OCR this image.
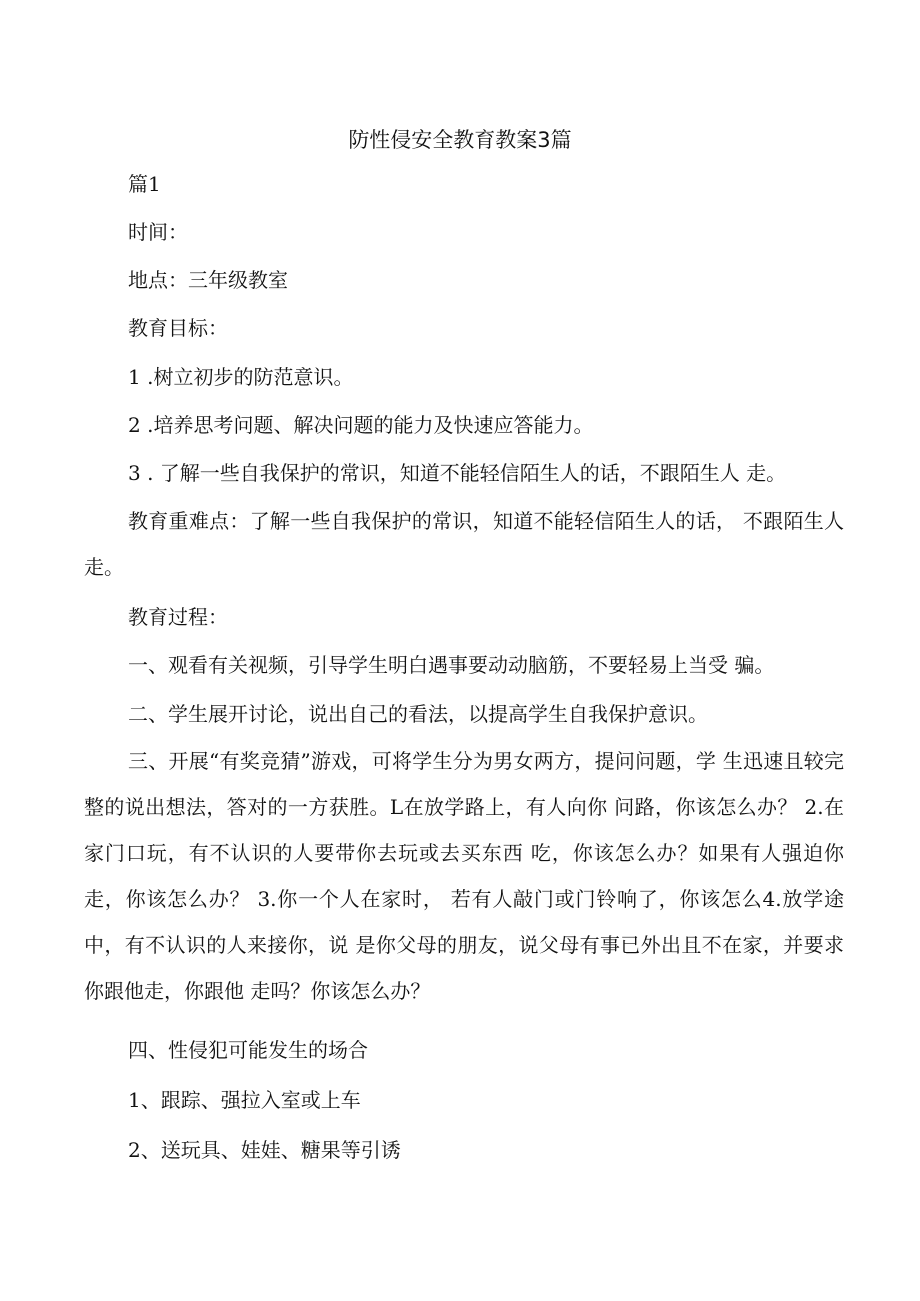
防性侵安全教育教案3篇
篇1
时间：
地点：三年级教室
教育目标：
1 .树立初步的防范意识。
2 .培养思考问题、解决问题的能力及快速应答能力。
3 . 了解一些自我保护的常识，知道不能轻信陌生人的话，不跟陌生人 走。
教育重难点：了解一些自我保护的常识，知道不能轻信陌生人的话， 不跟陌生人走。
教育过程：
一、观看有关视频，引导学生明白遇事要动动脑筋，不要轻易上当受 骗。
二、学生展开讨论，说出自己的看法，以提高学生自我保护意识。
三、开展“有奖竞猜”游戏，可将学生分为男女两方，提问问题，学 生迅速且较完整的说出想法，答对的一方获胜。L在放学路上，有人向你 问路，你该怎么办？ 2.在家门口玩，有不认识的人要带你去玩或去买东西 吃，你该怎么办？如果有人强迫你走，你该怎么办？ 3.你一个人在家时， 若有人敲门或门铃响了，你该怎么4.放学途中，有不认识的人来接你，说 是你父母的朋友，说父母有事已外出且不在家，并要求你跟他走，你跟他 走吗？你该怎么办？
四、性侵犯可能发生的场合
1、跟踪、强拉入室或上车
2、送玩具、娃娃、糖果等引诱
